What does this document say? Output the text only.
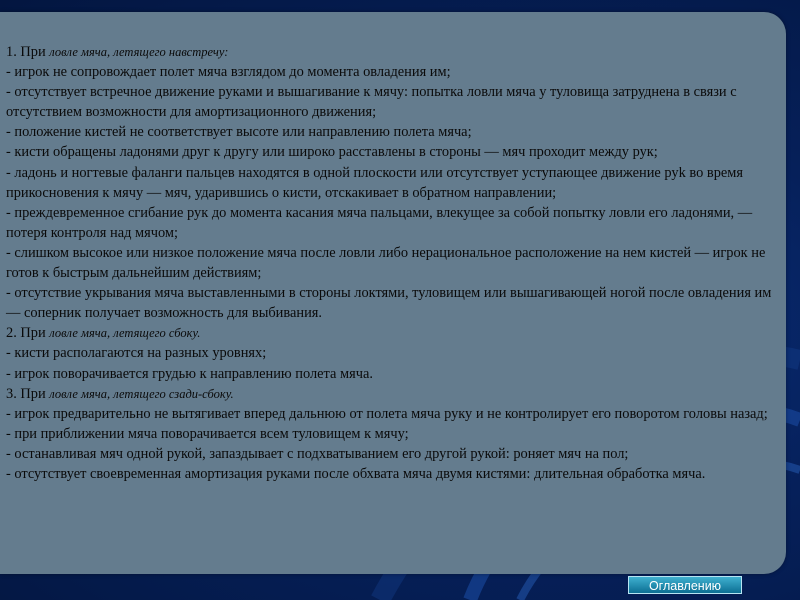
1. При ловле мяча, летящего навстречу:

- игрок не сопровождает полет мяча взглядом до момента овладения им;

- отсутствует встречное движение руками и вышагивание к мячу: попытка ловли мяча у туловища затруднена в связи с отсутствием возможности для амортизационного движения;

- положение кистей не соответствует высоте или направлению полета мяча;

- кисти обращены ладонями друг к другу или широко расставлены в стороны — мяч проходит между рук;

- ладонь и ногтевые фаланги пальцев находятся в одной плоскости или отсутствует уступающее движение руk во время прикосновения к мячу — мяч, ударившись о кисти, отскакивает в обратном направлении;

- преждевременное сгибание рук до момента касания мяча пальцами, влекущее за собой попытку ловли его ладонями, — потеря контроля над мячом;

- слишком высокое или низкое положение мяча после ловли либо нерациональное расположение на нем кистей — игрок не готов к быстрым дальнейшим действиям;

- отсутствие укрывания мяча выставленными в стороны локтями, туловищем или вышагивающей ногой после овладения им — соперник получает возможность для выбивания.

2. При ловле мяча, летящего сбоку.

- кисти располагаются на разных уровнях;

- игрок поворачивается грудью к направлению полета мяча.

3. При ловле мяча, летящего сзади-сбоку.

- игрок предварительно не вытягивает вперед дальнюю от полета мяча руку и не контролирует его поворотом головы назад;

- при приближении мяча поворачивается всем туловищем к мячу;

- останавливая мяч одной рукой, запаздывает с подхватыванием его другой рукой: роняет мяч на пол;

- отсутствует своевременная амортизация руками после обхвата мяча двумя кистями: длительная обработка мяча.

Оглавлению
